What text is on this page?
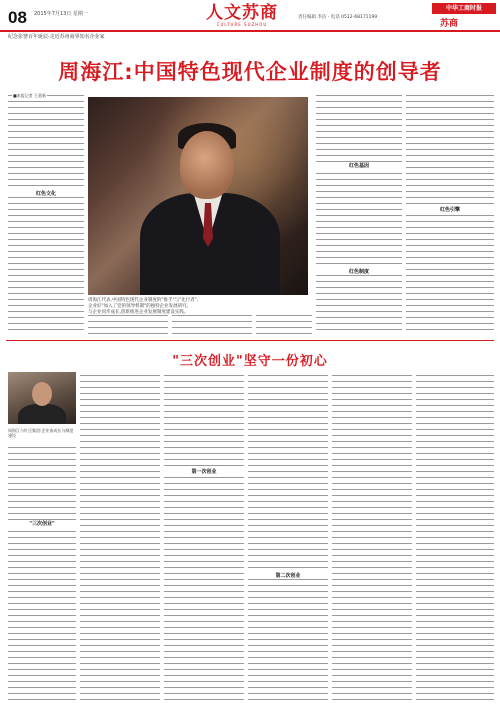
08 2015年7月13日 星期一	人文苏商
CULTURE SUZHOU
责任编辑 李洁 · 电话 0512-68171199
中华工商时报
苏商
纪念张謇百年诞辰·走近苏州商界知名企业家
周海江:中国特色现代企业制度的创导者
■本报记者 王嘉新
红色文化
红色基因
红色制度
红色引擎
周海江代表,中国特色现代企业制度的"推手"与"先行者",
企业好"加入了党的领导机制"的独特企业发展研究。
与企业同步成长,创新推进企业发展制度建设实践。
"三次创业"坚守一份初心
周海江与红豆集团:企业家成长与制度建设
"三次创业"
第一次创业
第二次创业
